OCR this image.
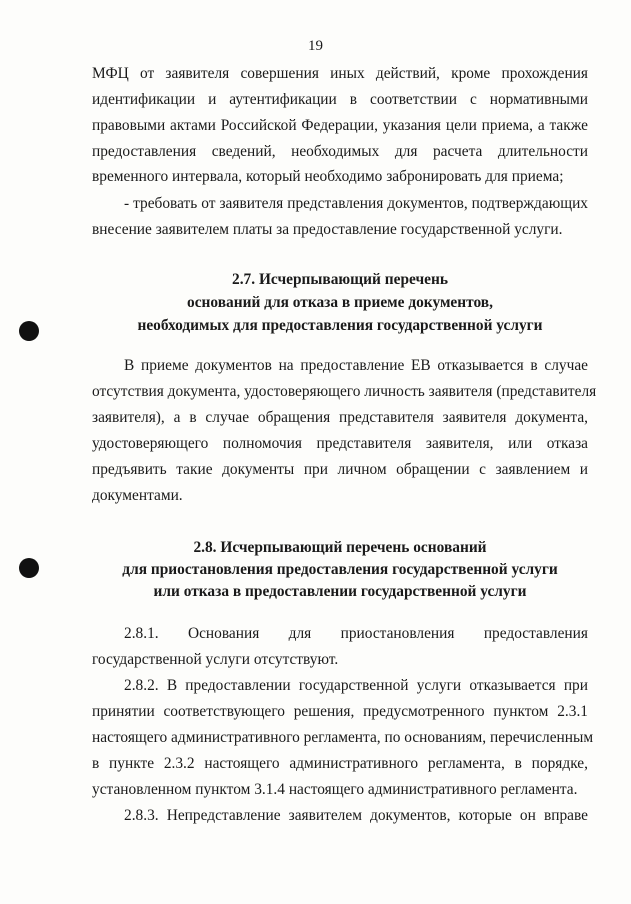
19
МФЦ от заявителя совершения иных действий, кроме прохождения
идентификации и аутентификации в соответствии с нормативными
правовыми актами Российской Федерации, указания цели приема, а также
предоставления сведений, необходимых для расчета длительности
временного интервала, который необходимо забронировать для приема;
- требовать от заявителя представления документов, подтверждающих
внесение заявителем платы за предоставление государственной услуги.
2.7. Исчерпывающий перечень
оснований для отказа в приеме документов,
необходимых для предоставления государственной услуги
В приеме документов на предоставление ЕВ отказывается в случае
отсутствия документа, удостоверяющего личность заявителя (представителя
заявителя), а в случае обращения представителя заявителя документа,
удостоверяющего полномочия представителя заявителя, или отказа
предъявить такие документы при личном обращении с заявлением и
документами.
2.8. Исчерпывающий перечень оснований
для приостановления предоставления государственной услуги
или отказа в предоставлении государственной услуги
2.8.1. Основания для приостановления предоставления
государственной услуги отсутствуют.
2.8.2. В предоставлении государственной услуги отказывается при
принятии соответствующего решения, предусмотренного пунктом 2.3.1
настоящего административного регламента, по основаниям, перечисленным
в пункте 2.3.2 настоящего административного регламента, в порядке,
установленном пунктом 3.1.4 настоящего административного регламента.
2.8.3. Непредставление заявителем документов, которые он вправе
